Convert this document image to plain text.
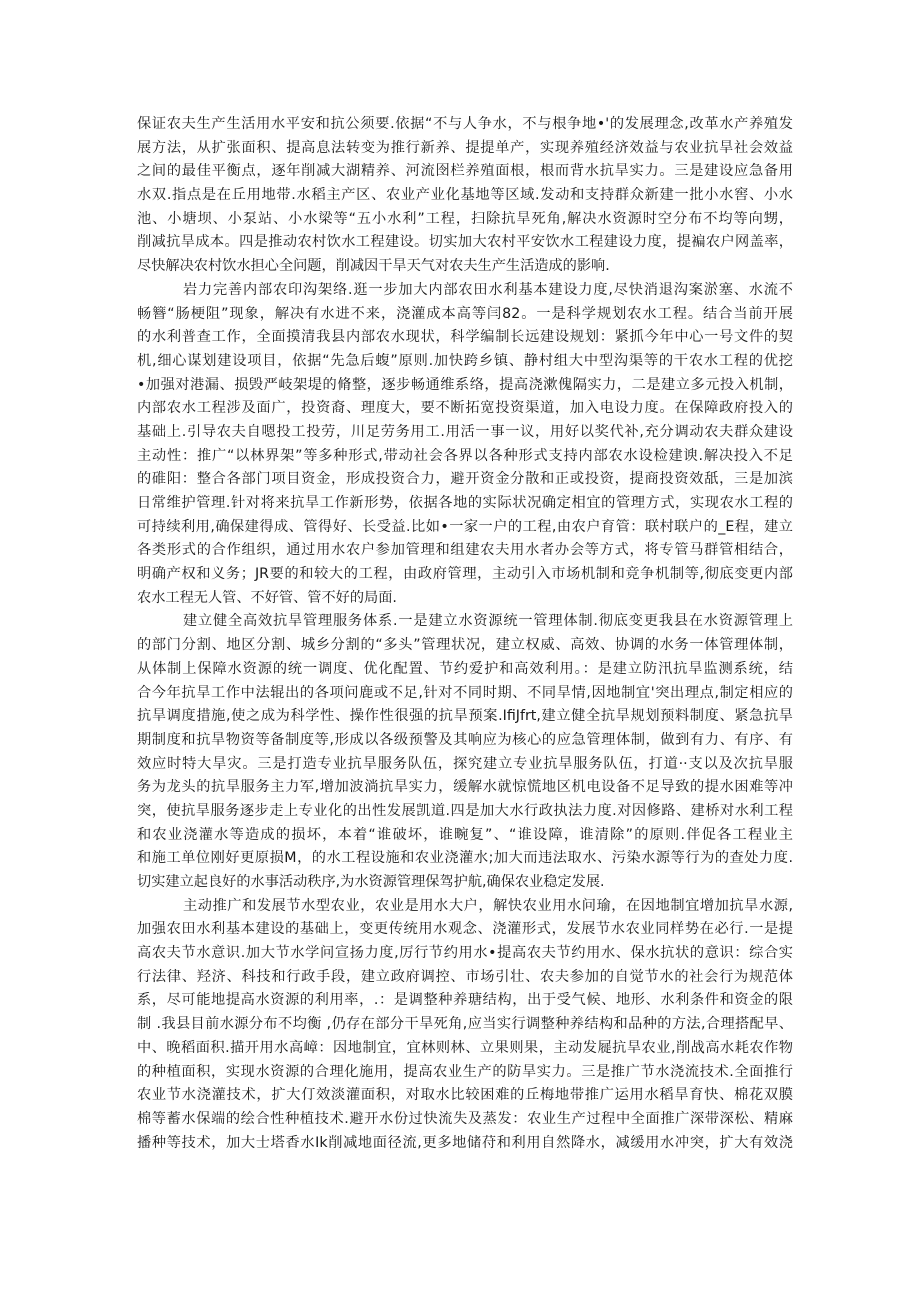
保证农夫生产生活用水平安和抗公须要.依据“不与人争水，不与根争地•'的发展理念,改革水产养殖发
展方法，从扩张面积、提高息法转变为推行新养、提提单产，实现养殖经济效益与农业抗旱社会效益
之间的最佳平衡点，逐年削减大湖精养、河流囹栏养殖面根，根而背水抗旱实力。三是建设应急备用
水双.指点是在丘用地带.水稻主产区、农业产业化基地等区域.发动和支持群众新建一批小水窖、小水
池、小塘坝、小泵站、小水梁等“五小水利”工程，扫除抗旱死角,解决水资源时空分布不均等向甥，
削减抗旱成本。四是推动农村饮水工程建设。切实加大农村平安饮水工程建设力度，提褊农户网盖率，
尽快解决农村饮水担心全问题，削减因干旱天气对农夫生产生活造成的影响.
岩力完善内部农印沟架络.逛一步加大内部农田水利基本建设力度,尽快消退沟案淤塞、水流不
畅簪“肠梗阻”现象，解决有水进不来，浇灌成本高等闫82。一是科学规划农水工程。结合当前开展
的水利普查工作，全面摸清我县内部农水现状，科学编制长远建设规划：紧抓今年中心一号文件的契
机,细心谋划建设项目，依据“先急后蝮”原则.加快跨乡镇、静村组大中型沟渠等的干农水工程的优挖
•加强对港漏、损毁严岐架堤的脩整，逐步畅通维系络，提高浇漱傀隔实力，二是建立多元投入机制，
内部农水工程涉及面广，投资裔、理度大，要不断拓宽投资渠道，加入电设力度。在保障政府投入的
基础上.引导农夫自嗯投工投劳，川足劳务用工.用活一事一议，用好以奖代补,充分调动农夫群众建设
主动性：推广“以林界架”等多种形式,带动社会各界以各种形式支持内部农水设检建谀.解决投入不足
的碓阳：整合各部门项目资金，形成投资合力，避开资金分散和正或投资，提商投资效舐，三是加滨
日常维护管理.针对将来抗旱工作新形势，依据各地的实际状况确定相宜的管理方式，实现农水工程的
可持续利用,确保建得成、管得好、长受益.比如•一家一户的工程,由农户育管：联村联户的_E程，建立
各类形式的合作组织，通过用水农户参加管理和组建农夫用水者办会等方式，将专管马群管相结合，
明确产权和义务；JR要的和较大的工程，由政府管理，主动引入市场机制和竞争机制等,彻底变更内部
农水工程无人管、不好管、管不好的局面.
建立健全高效抗旱管理服务体系.一是建立水资源统一管理体制.彻底变更我县在水资源管理上
的部门分割、地区分割、城乡分割的“多头”管理状况，建立权威、高效、协调的水务一体管理体制，
从体制上保障水资源的统一调度、优化配置、节约爱护和高效利用。：是建立防汛抗旱监测系统，结
合今年抗旱工作中法辊出的各项问鹿或不足,针对不同时期、不同旱情,因地制宜'突出理点,制定相应的
抗旱调度措施,使之成为科学性、操作性很强的抗旱预案.IfiJfrt,建立健全抗旱规划预料制度、紧急抗旱
期制度和抗旱物资等备制度等,形成以各级预警及其响应为核心的应急管理体制，做到有力、有序、有
效应时特大旱灾。三是打造专业抗旱服务队伍，探究建立专业抗旱服务队伍，打道··支以及次抗旱服
务为龙头的抗旱服务主力军,增加波淌抗旱实力，缓解水就惊慌地区机电设备不足导致的提水困难等冲
突，使抗旱服务逐步走上专业化的出性发展凯道.四是加大水行政执法力度.对因修路、建桥对水利工程
和农业浇灌水等造成的损坏，本着“谁破坏，谁畹复”、“谁设障，谁清除”的原则.伴促各工程业主
和施工单位刚好更原损M，的水工程设施和农业浇灌水;加大而违法取水、污染水源等行为的查处力度.
切实建立起良好的水事活动秩序,为水资源管理保驾护航,确保农业稳定发展.
主动推广和发展节水型农业，农业是用水大户，解快农业用水问瑜，在因地制宜增加抗旱水源,
加强农田水利基本建设的基础上，变更传统用水观念、浇灌形式，发展节水农业同样势在必行.一是提
高农夫节水意识.加大节水学问宣扬力度,厉行节约用水•提高农夫节约用水、保水抗状的意识：综合实
行法律、羟济、科技和行政手段，建立政府调控、市场引壮、农夫参加的自觉节水的社会行为规范体
系，尽可能地提高水资源的利用率，.：是调整种养瑭结构，出于受气候、地形、水利条件和资金的限
制 .我县目前水源分布不均衡 ,仍存在部分干旱死角,应当实行调整种养结构和品种的方法,合理搭配早、
中、晚稻面积.描开用水高嶂：因地制宜，宜林则林、立果则果，主动发屣抗旱农业,削战高水耗农作物
的种植面积，实现水资源的合理化施用，提高农业生产的防旱实力。三是推广节水浇流技术.全面推行
农业节水浇灌技术，扩大仃效淡灌面积，对取水比较困难的丘梅地带推广运用水稻旱育快、棉花双膜
棉等蓄水保端的绘合性种植技术.避开水份过快流失及蒸发：农业生产过程中全面推广深带深松、精麻
播种等技术，加大士塔香水Ik削减地面径流,更多地储苻和利用自然降水，减缓用水冲突，扩大有效浇
